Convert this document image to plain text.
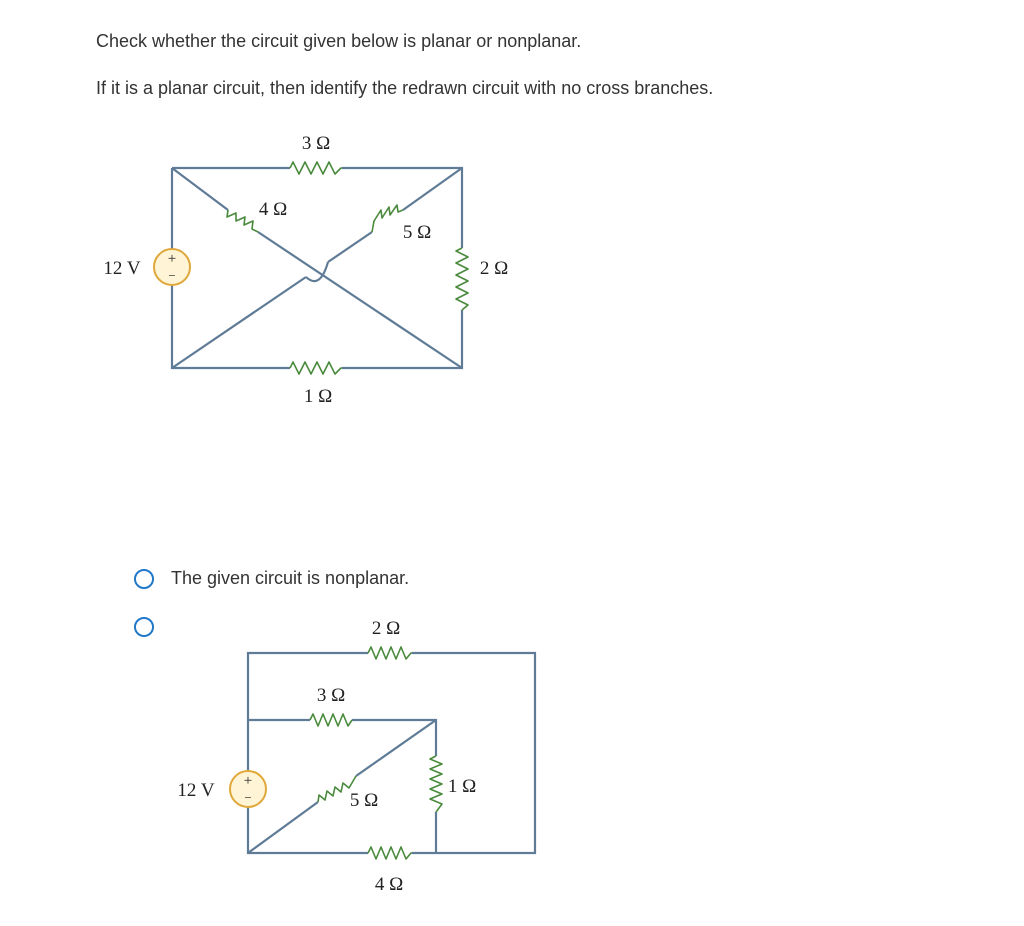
Check whether the circuit given below is planar or nonplanar.

If it is a planar circuit, then identify the redrawn circuit with no cross branches.

+
−
12 V
3 Ω
4 Ω
5 Ω
2 Ω
1 Ω
The given circuit is nonplanar.
+
−
12 V
2 Ω
3 Ω
5 Ω
1 Ω
4 Ω
